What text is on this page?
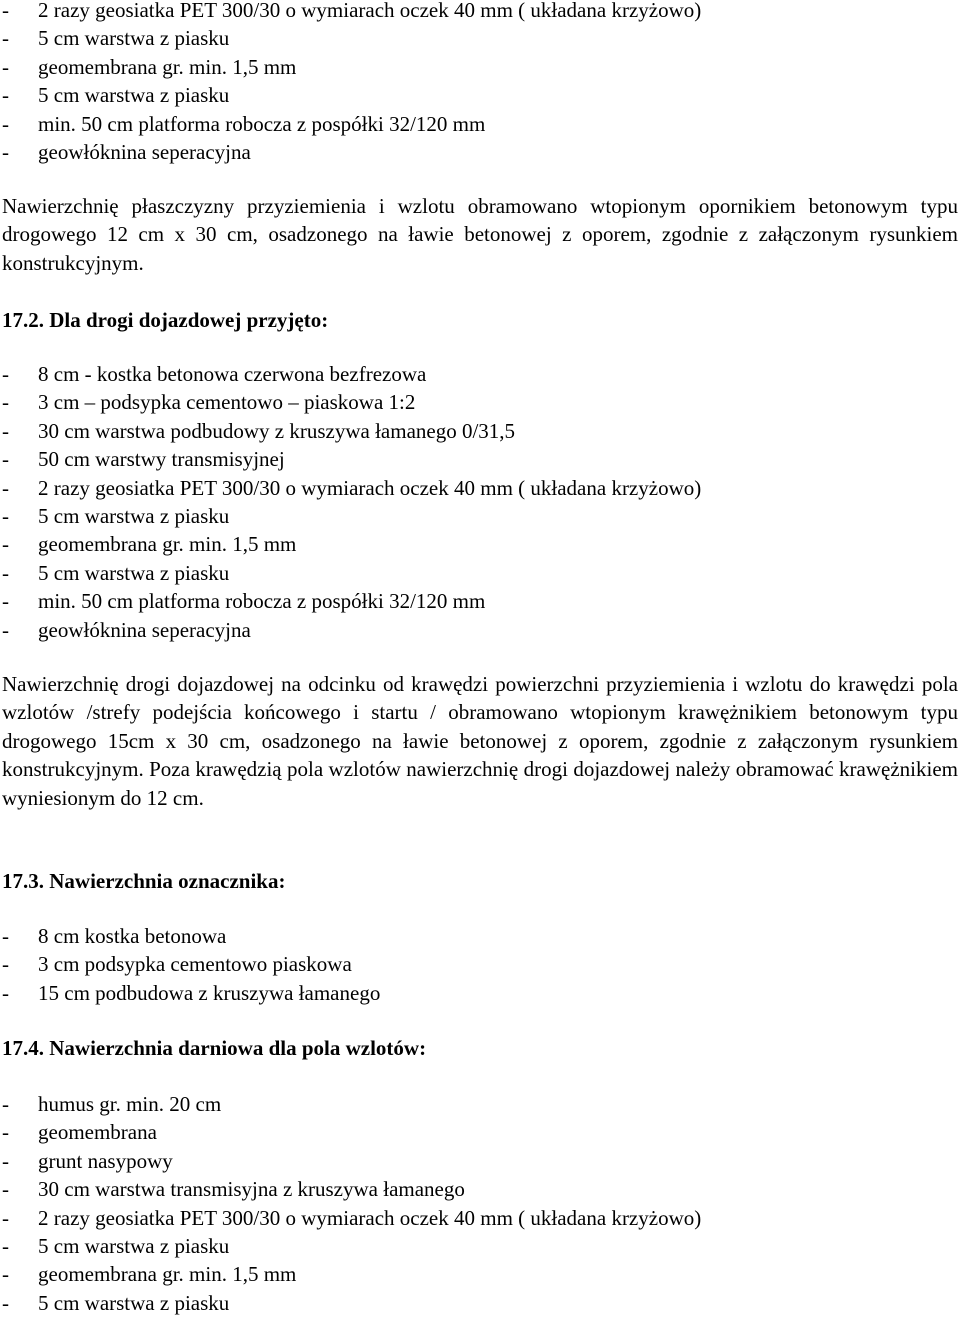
- 2 razy geosiatka PET 300/30 o wymiarach oczek 40 mm ( układana krzyżowo)
- 5 cm warstwa z piasku
- geomembrana gr. min. 1,5 mm
- 5 cm warstwa z piasku
- min. 50 cm platforma robocza z pospółki 32/120 mm
- geowłóknina seperacyjna

Nawierzchnię płaszczyzny przyziemienia i wzlotu obramowano wtopionym opornikiem betonowym typu drogowego 12 cm x 30 cm, osadzonego na ławie betonowej z oporem, zgodnie z załączonym rysunkiem konstrukcyjnym.

17.2. Dla drogi dojazdowej przyjęto:

- 8 cm - kostka betonowa czerwona bezfrezowa
- 3 cm – podsypka cementowo – piaskowa 1:2
- 30 cm warstwa podbudowy z kruszywa łamanego 0/31,5
- 50 cm warstwy transmisyjnej
- 2 razy geosiatka PET 300/30 o wymiarach oczek 40 mm ( układana krzyżowo)
- 5 cm warstwa z piasku
- geomembrana gr. min. 1,5 mm
- 5 cm warstwa z piasku
- min. 50 cm platforma robocza z pospółki 32/120 mm
- geowłóknina seperacyjna

Nawierzchnię drogi dojazdowej na odcinku od krawędzi powierzchni przyziemienia i wzlotu do krawędzi pola wzlotów /strefy podejścia końcowego i startu / obramowano wtopionym krawężnikiem betonowym typu drogowego 15cm x 30 cm, osadzonego na ławie betonowej z oporem, zgodnie z załączonym rysunkiem konstrukcyjnym. Poza krawędzią pola wzlotów nawierzchnię drogi dojazdowej należy obramować krawężnikiem wyniesionym do 12 cm.

17.3. Nawierzchnia oznacznika:

- 8 cm kostka betonowa
- 3 cm podsypka cementowo piaskowa
- 15 cm podbudowa z kruszywa łamanego

17.4. Nawierzchnia darniowa dla pola wzlotów:

- humus gr. min. 20 cm
- geomembrana
- grunt nasypowy
- 30 cm warstwa transmisyjna z kruszywa łamanego
- 2 razy geosiatka PET 300/30 o wymiarach oczek 40 mm ( układana krzyżowo)
- 5 cm warstwa z piasku
- geomembrana gr. min. 1,5 mm
- 5 cm warstwa z piasku
